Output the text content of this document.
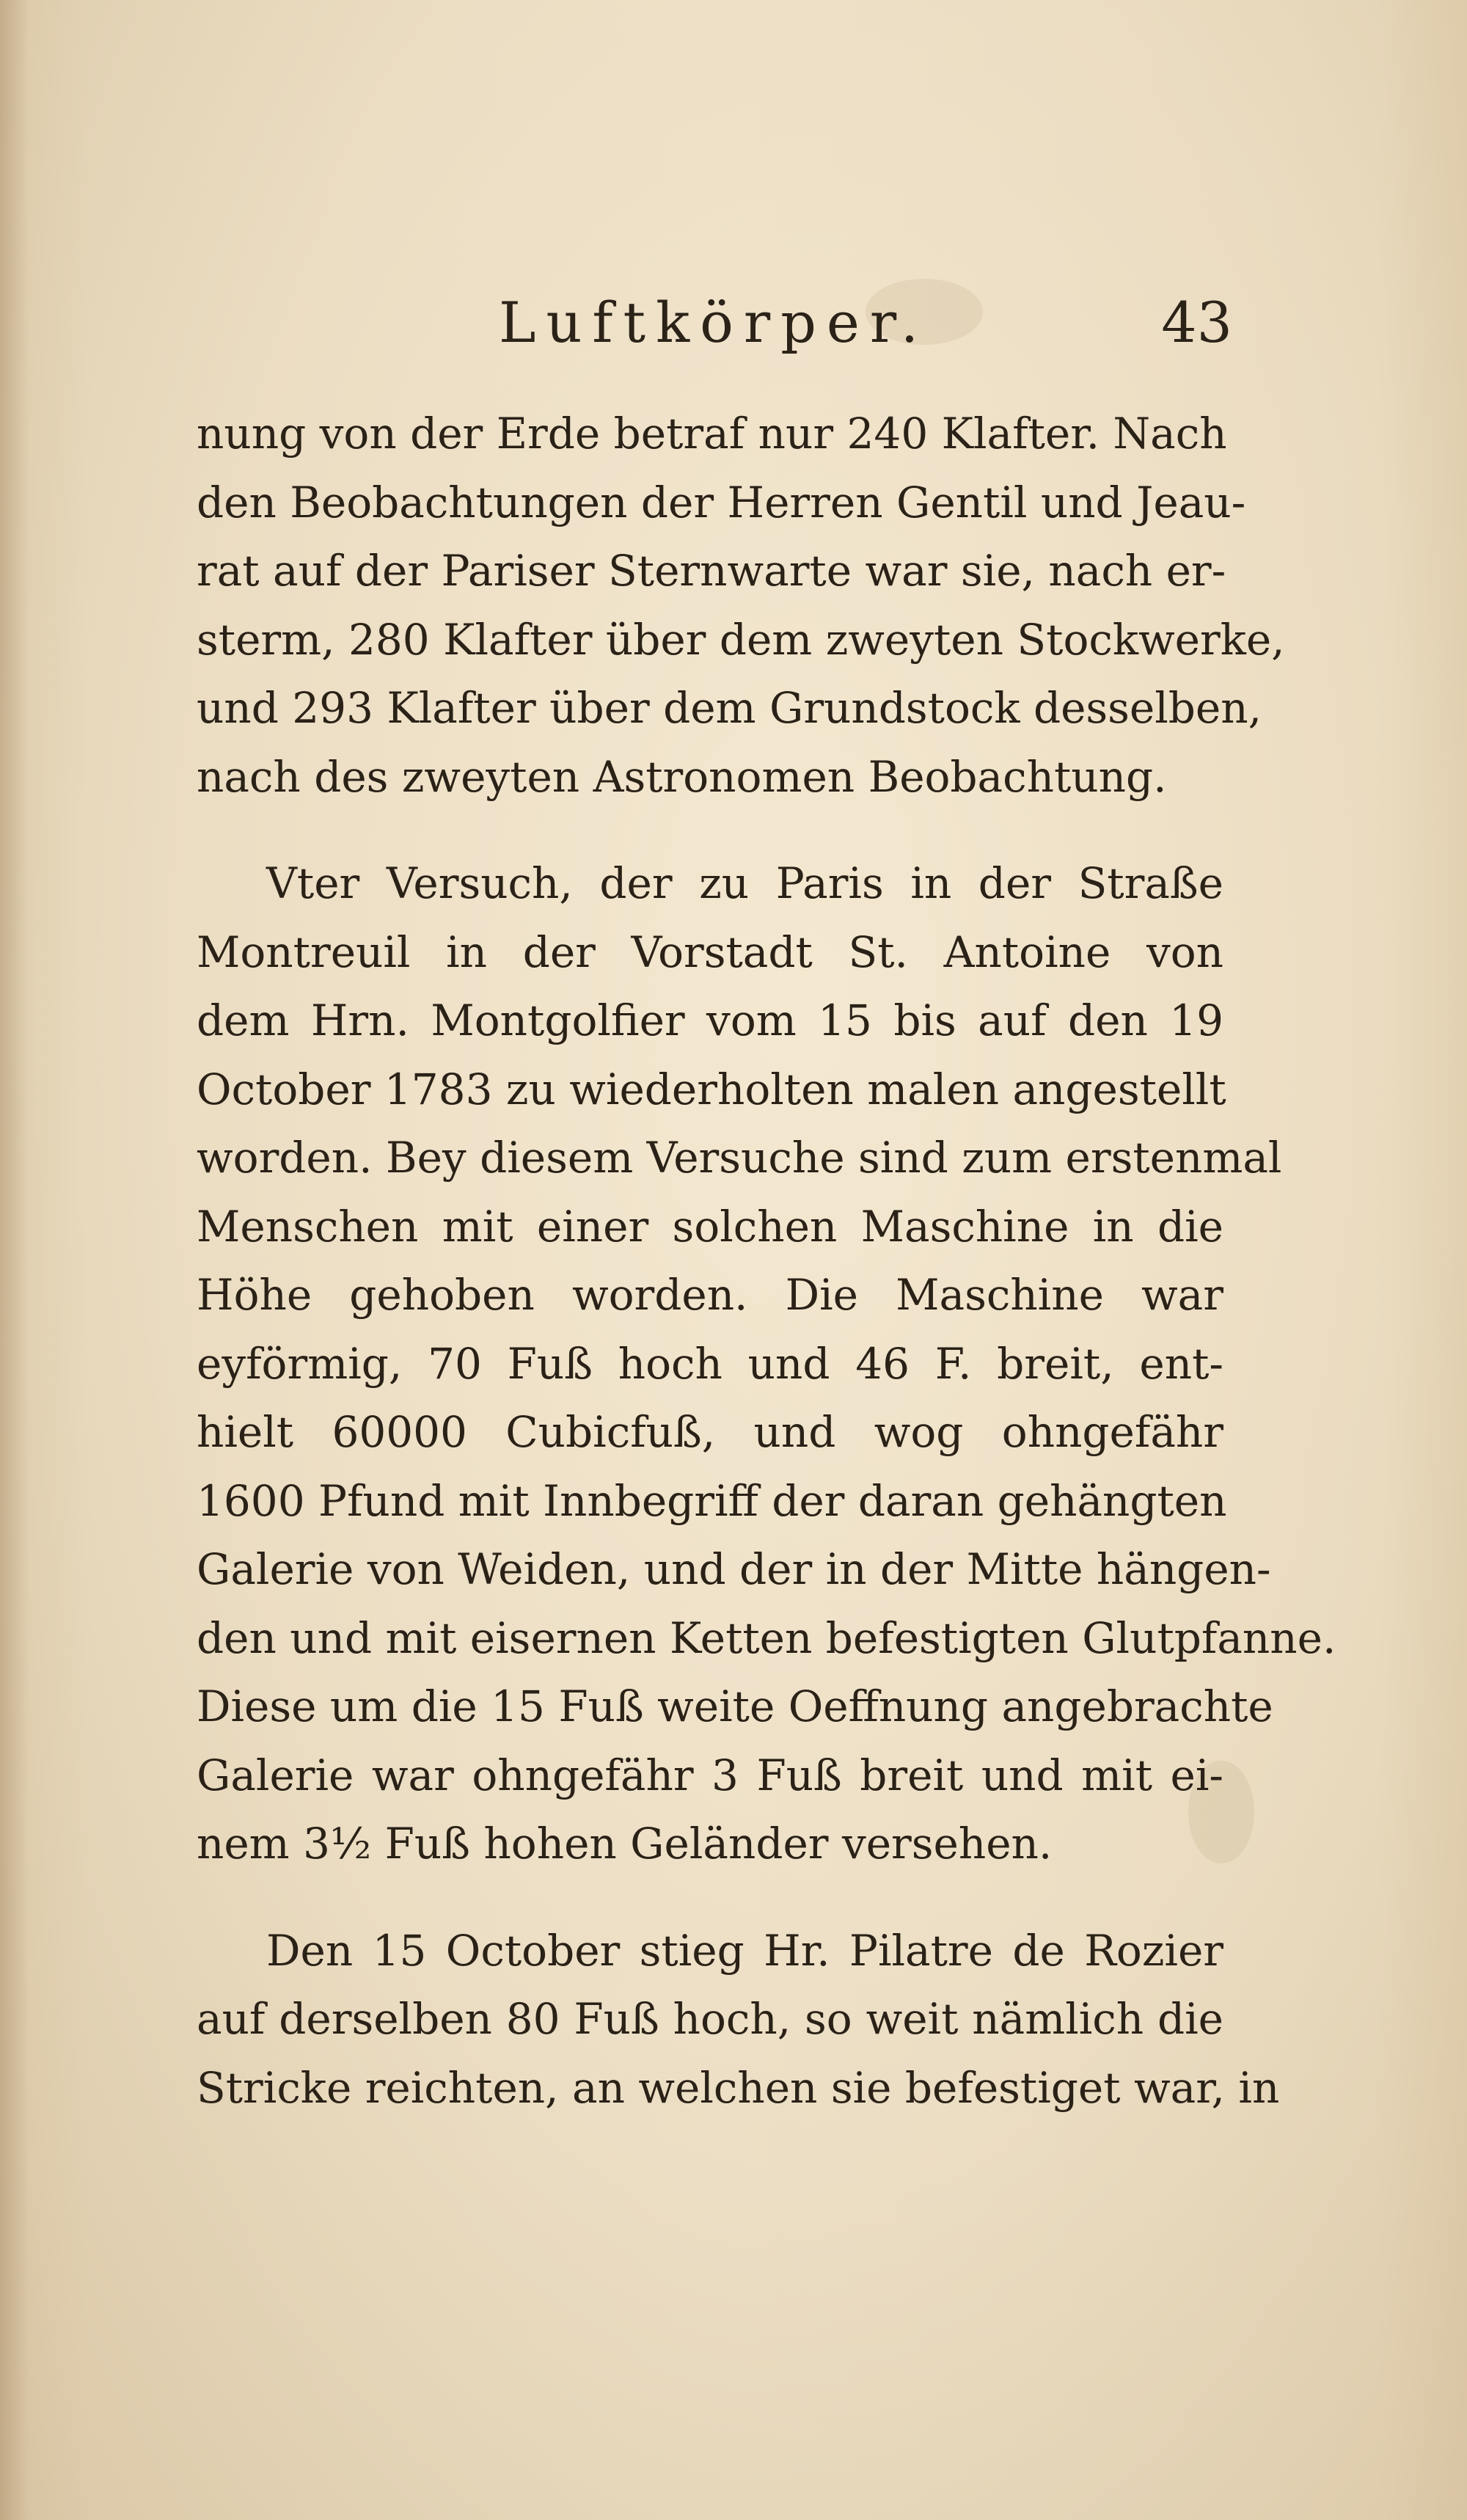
Luftkörper.	43

nung von der Erde betraf nur 240 Klafter. Nach
den Beobachtungen der Herren Gentil und Jeau-
rat auf der Pariser Sternwarte war sie, nach er-
sterm, 280 Klafter über dem zweyten Stockwerke,
und 293 Klafter über dem Grundstock desselben,
nach des zweyten Astronomen Beobachtung.

Vter Versuch, der zu Paris in der Straße
Montreuil in der Vorstadt St. Antoine von
dem Hrn. Montgolfier vom 15 bis auf den 19
October 1783 zu wiederholten malen angestellt
worden. Bey diesem Versuche sind zum erstenmal
Menschen mit einer solchen Maschine in die
Höhe gehoben worden. Die Maschine war
eyförmig, 70 Fuß hoch und 46 F. breit, ent-
hielt 60000 Cubicfuß, und wog ohngefähr
1600 Pfund mit Innbegriff der daran gehängten
Galerie von Weiden, und der in der Mitte hängen-
den und mit eisernen Ketten befestigten Glutpfanne.
Diese um die 15 Fuß weite Oeffnung angebrachte
Galerie war ohngefähr 3 Fuß breit und mit ei-
nem 3½ Fuß hohen Geländer versehen.

Den 15 October stieg Hr. Pilatre de Rozier
auf derselben 80 Fuß hoch, so weit nämlich die
Stricke reichten, an welchen sie befestiget war, in
